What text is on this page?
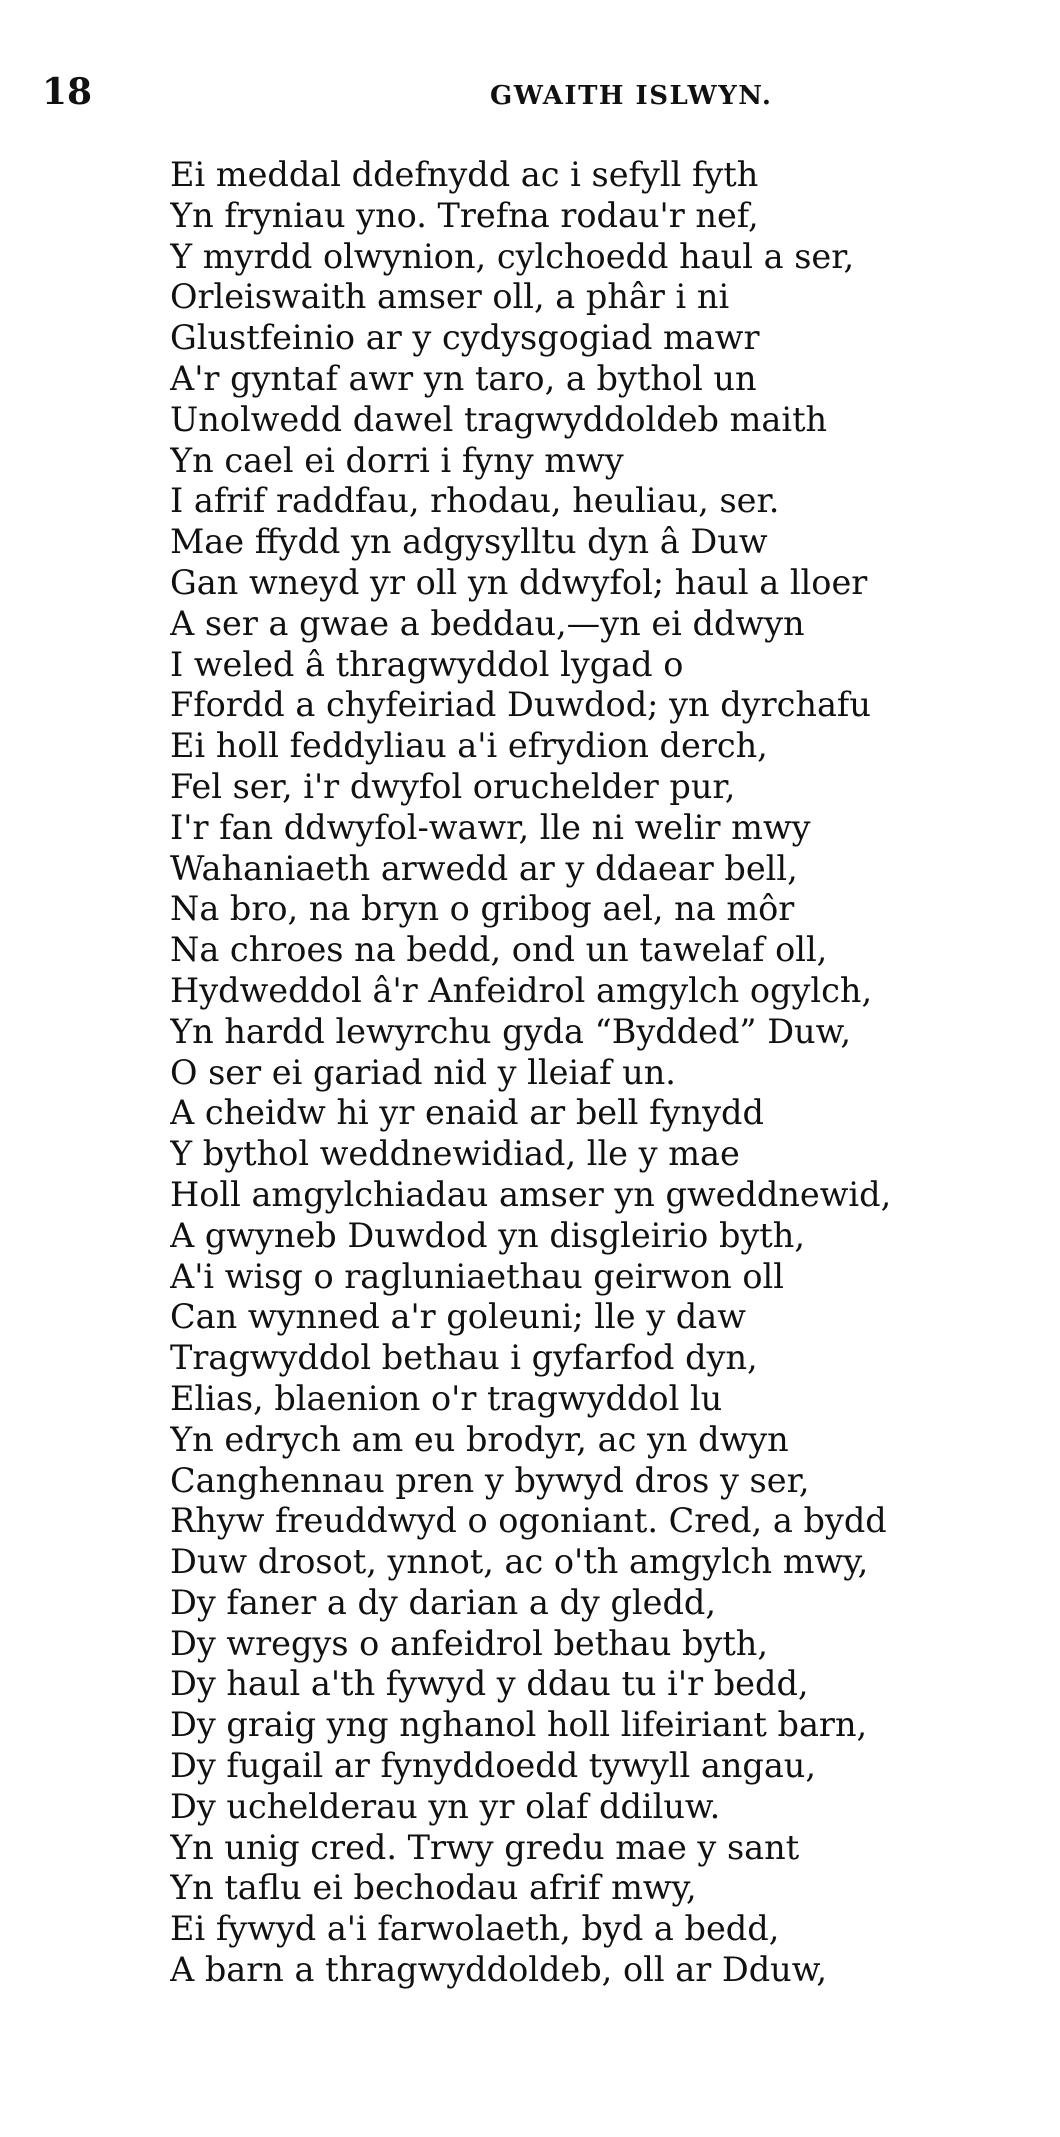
18	GWAITH ISLWYN.
Ei meddal ddefnydd ac i sefyll fyth
Yn fryniau yno. Trefna rodau'r nef,
Y myrdd olwynion, cylchoedd haul a ser,
Orleiswaith amser oll, a phâr i ni
Glustfeinio ar y cydysgogiad mawr
A'r gyntaf awr yn taro, a bythol un
Unolwedd dawel tragwyddoldeb maith
Yn cael ei dorri i fyny mwy
I afrif raddfau, rhodau, heuliau, ser.
Mae ffydd yn adgysylltu dyn â Duw
Gan wneyd yr oll yn ddwyfol; haul a lloer
A ser a gwae a beddau,—yn ei ddwyn
I weled â thragwyddol lygad o
Ffordd a chyfeiriad Duwdod; yn dyrchafu
Ei holl feddyliau a'i efrydion derch,
Fel ser, i'r dwyfol oruchelder pur,
I'r fan ddwyfol-wawr, lle ni welir mwy
Wahaniaeth arwedd ar y ddaear bell,
Na bro, na bryn o gribog ael, na môr
Na chroes na bedd, ond un tawelaf oll,
Hydweddol â'r Anfeidrol amgylch ogylch,
Yn hardd lewyrchu gyda “Bydded” Duw,
O ser ei gariad nid y lleiaf un.
A cheidw hi yr enaid ar bell fynydd
Y bythol weddnewidiad, lle y mae
Holl amgylchiadau amser yn gweddnewid,
A gwyneb Duwdod yn disgleirio byth,
A'i wisg o ragluniaethau geirwon oll
Can wynned a'r goleuni; lle y daw
Tragwyddol bethau i gyfarfod dyn,
Elias, blaenion o'r tragwyddol lu
Yn edrych am eu brodyr, ac yn dwyn
Canghennau pren y bywyd dros y ser,
Rhyw freuddwyd o ogoniant. Cred, a bydd
Duw drosot, ynnot, ac o'th amgylch mwy,
Dy faner a dy darian a dy gledd,
Dy wregys o anfeidrol bethau byth,
Dy haul a'th fywyd y ddau tu i'r bedd,
Dy graig yng nghanol holl lifeiriant barn,
Dy fugail ar fynyddoedd tywyll angau,
Dy uchelderau yn yr olaf ddiluw.
Yn unig cred. Trwy gredu mae y sant
Yn taflu ei bechodau afrif mwy,
Ei fywyd a'i farwolaeth, byd a bedd,
A barn a thragwyddoldeb, oll ar Dduw,
